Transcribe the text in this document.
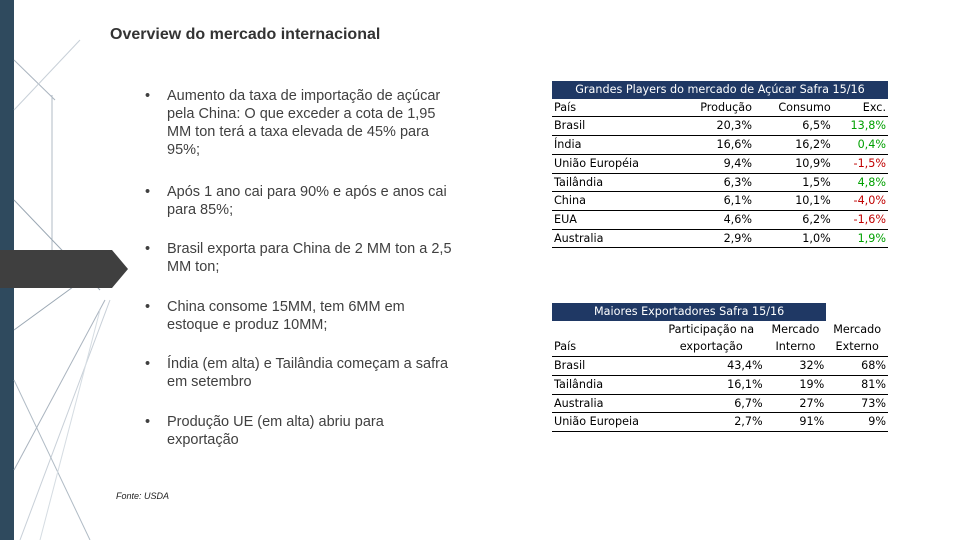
Overview do mercado internacional
• Aumento da taxa de importação de açúcar pela China: O que exceder a cota de 1,95 MM ton terá a taxa elevada de 45% para 95%;
• Após 1 ano cai para 90% e após e anos cai para 85%;
• Brasil exporta para China de 2 MM ton a 2,5 MM ton;
• China consome 15MM, tem 6MM em estoque e produz 10MM;
• Índia (em alta) e Tailândia começam a safra em setembro
• Produção UE (em alta) abriu para exportação
Fonte: USDA
Grandes Players do mercado de Açúcar Safra 15/16			
País	Produção	Consumo	Exc.
Brasil	20,3%	6,5%	13,8%
Índia	16,6%	16,2%	0,4%
União Européia	9,4%	10,9%	-1,5%
Tailândia	6,3%	1,5%	4,8%
China	6,1%	10,1%	-4,0%
EUA	4,6%	6,2%	-1,6%
Australia	2,9%	1,0%	1,9%
Maiores Exportadores Safra 15/16			
	Participação na	Mercado	Mercado
País	exportação	Interno	Externo
Brasil	43,4%	32%	68%
Tailândia	16,1%	19%	81%
Australia	6,7%	27%	73%
União Europeia	2,7%	91%	9%
